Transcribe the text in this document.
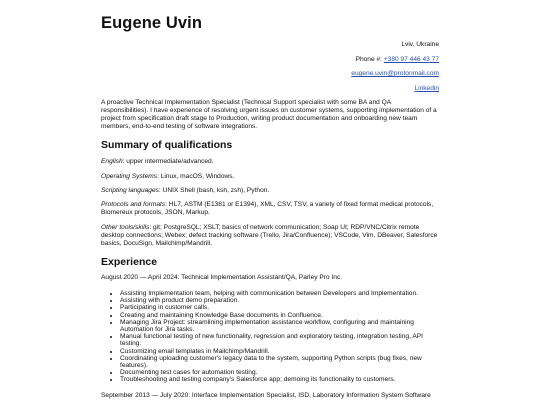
Eugene Uvin
Lviv, Ukraine
Phone #: +380 97 446 43 77
eugene.uvin@protonmail.com
Linkedin

A proactive Technical Implementation Specialist (Technical Support specialist with some BA and QA responsibilities). I have experience of resolving urgent issues on customer systems, supporting implementation of a project from specification draft stage to Production, writing product documentation and onboarding new team members, end-to-end testing of software integrations.

Summary of qualifications

English: upper intermediate/advanced.

Operating Systems: Linux, macOS, Windows.

Scripting languages: UNIX Shell (bash, ksh, zsh), Python.

Protocols and formats: HL7, ASTM (E1381 or E1394), XML, CSV, TSV, a variety of fixed format medical protocols, Biomereux protocols, JSON, Markup.

Other tools/skills: git; PostgreSQL; XSLT; basics of network communication; Soap UI; RDP/VNC/Citrix remote desktop connections; Webex; defect tracking software (Trello, Jira/Confluence); VSCode, Vim, DBeaver, Salesforce basics, DocuSign, Mailchimp/Mandrill.

Experience

August 2020 — April 2024: Technical Implementation Assistant/QA, Parley Pro Inc.

• Assisting Implementation team, helping with communication between Developers and Implementation.
• Assisting with product demo preparation.
• Participating in customer calls.
• Creating and maintaining Knowledge Base documents in Confluence.
• Managing Jira Project: streamlining implementation assistance workflow, configuring and maintaining Automation for Jira tasks.
• Manual functional testing of new functionality, regression and exploratory testing, integration testing, API testing.
• Customizing email templates in Mailchimp/Mandrill.
• Coordinating uploading customer's legacy data to the system, supporting Python scripts (bug fixes, new features).
• Documenting test cases for automation testing.
• Troubleshooting and testing company's Salesforce app; demoing its functionality to customers.

September 2013 — July 2020: Interface Implementation Specialist, ISD, Laboratory Information System Software
